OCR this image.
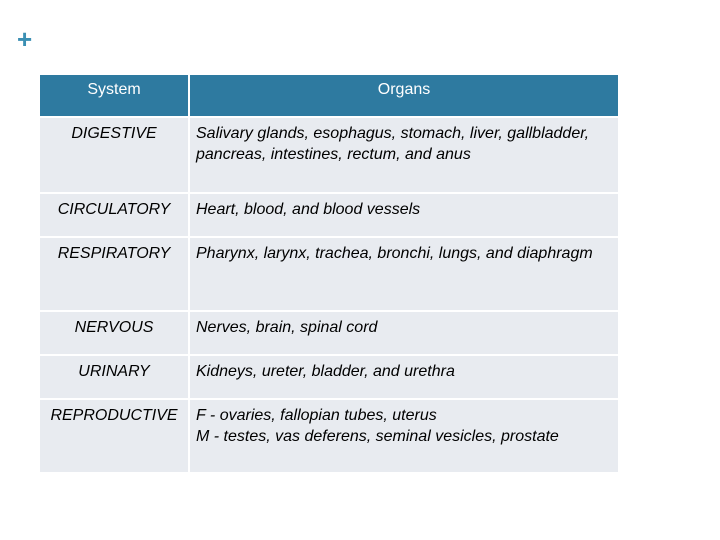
+
System	Organs
DIGESTIVE	Salivary glands, esophagus, stomach, liver, gallbladder, pancreas, intestines, rectum, and anus

CIRCULATORY	Heart, blood, and blood vessels

RESPIRATORY	Pharynx, larynx, trachea, bronchi, lungs, and diaphragm

NERVOUS	Nerves, brain, spinal cord

URINARY	Kidneys, ureter, bladder, and urethra

REPRODUCTIVE	F - ovaries, fallopian tubes, uterus
M - testes, vas deferens, seminal vesicles, prostate
